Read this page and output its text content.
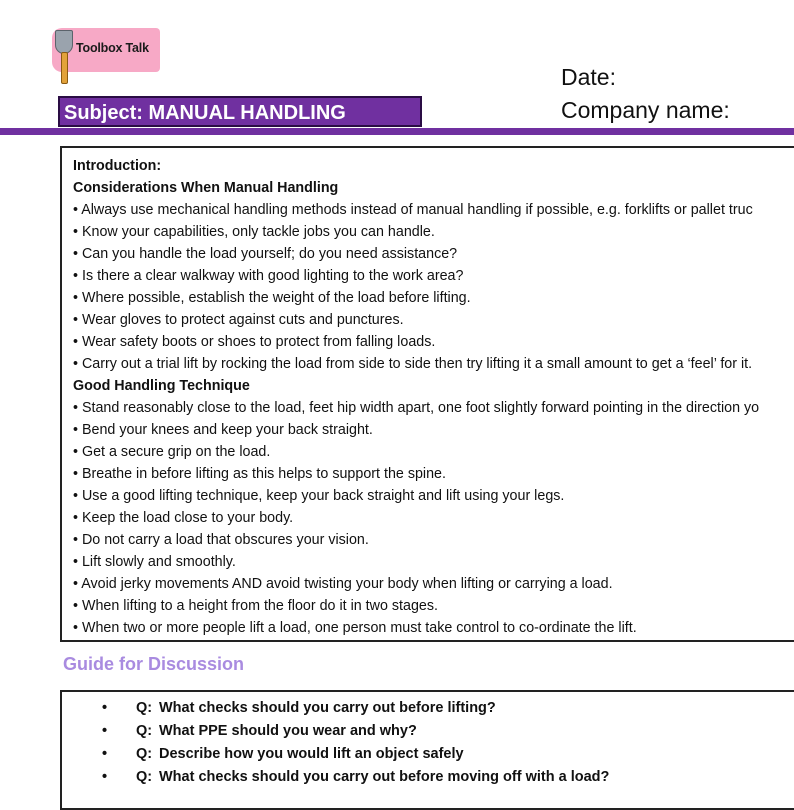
Toolbox Talk
Date:
Company name:
Subject: MANUAL HANDLING
Introduction:
Considerations When Manual Handling
• Always use mechanical handling methods instead of manual handling if possible, e.g. forklifts or pallet truc
• Know your capabilities, only tackle jobs you can handle.
• Can you handle the load yourself; do you need assistance?
• Is there a clear walkway with good lighting to the work area?
• Where possible, establish the weight of the load before lifting.
• Wear gloves to protect against cuts and punctures.
• Wear safety boots or shoes to protect from falling loads.
• Carry out a trial lift by rocking the load from side to side then try lifting it a small amount to get a ‘feel’ for it.
Good Handling Technique
• Stand reasonably close to the load, feet hip width apart, one foot slightly forward pointing in the direction yo
• Bend your knees and keep your back straight.
• Get a secure grip on the load.
• Breathe in before lifting as this helps to support the spine.
• Use a good lifting technique, keep your back straight and lift using your legs.
• Keep the load close to your body.
• Do not carry a load that obscures your vision.
• Lift slowly and smoothly.
• Avoid jerky movements AND avoid twisting your body when lifting or carrying a load.
• When lifting to a height from the floor do it in two stages.
• When two or more people lift a load, one person must take control to co-ordinate the lift.
Guide for Discussion
• Q: What checks should you carry out before lifting?
• Q: What PPE should you wear and why?
• Q: Describe how you would lift an object safely
• Q: What checks should you carry out before moving off with a load?
